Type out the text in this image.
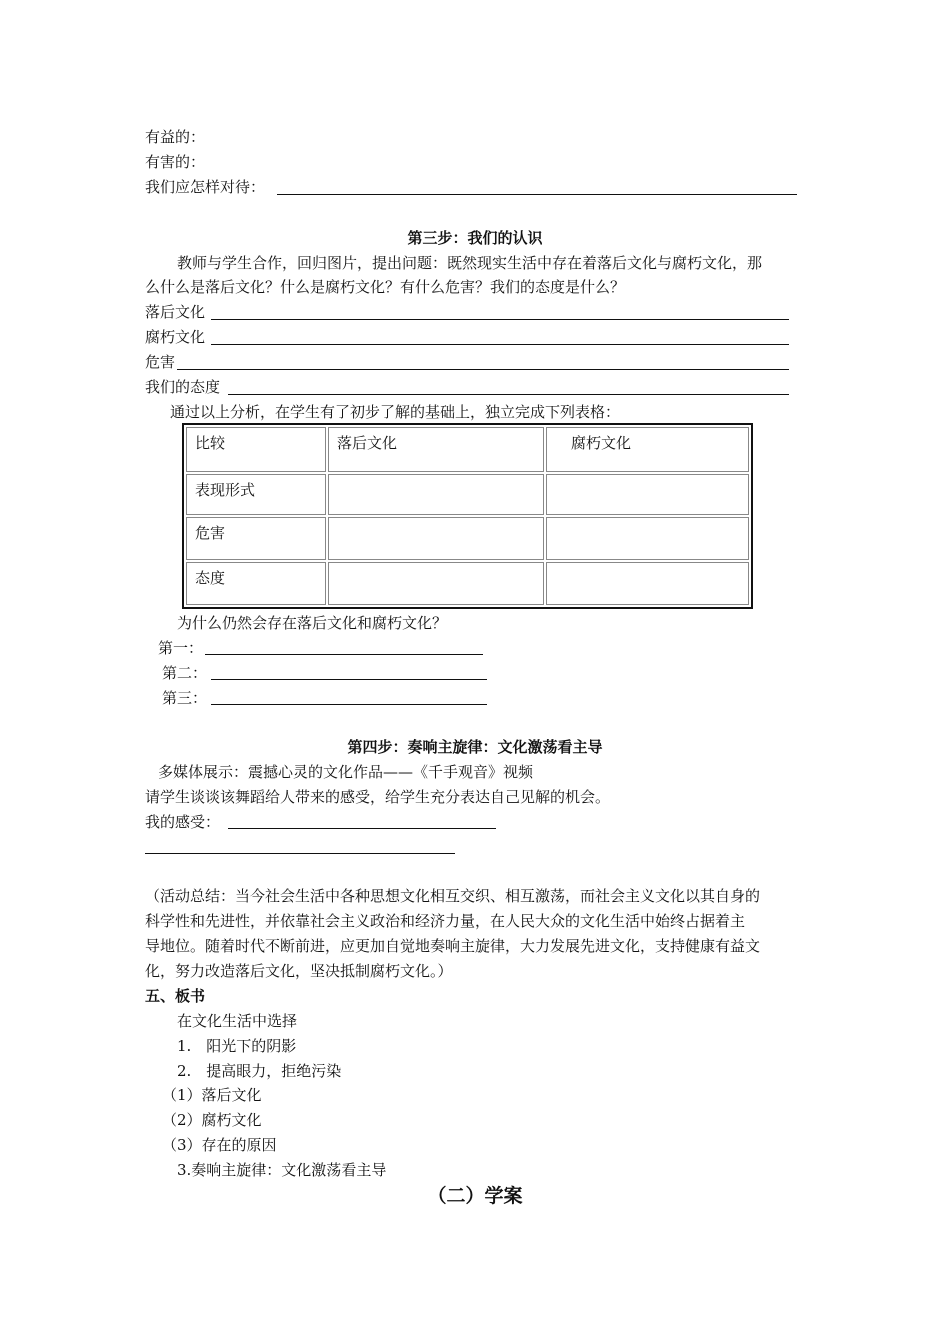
有益的：
有害的：
我们应怎样对待：
第三步：我们的认识
教师与学生合作，回归图片，提出问题：既然现实生活中存在着落后文化与腐朽文化，那
么什么是落后文化？什么是腐朽文化？有什么危害？我们的态度是什么？
落后文化
腐朽文化
危害
我们的态度
通过以上分析，在学生有了初步了解的基础上，独立完成下列表格：
比较	落后文化	腐朽文化
表现形式		
危害		
态度		
为什么仍然会存在落后文化和腐朽文化？
第一：
第二：
第三：
第四步：奏响主旋律：文化激荡看主导
多媒体展示：震撼心灵的文化作品——《千手观音》视频
请学生谈谈该舞蹈给人带来的感受，给学生充分表达自己见解的机会。
我的感受：
（活动总结：当今社会生活中各种思想文化相互交织、相互激荡，而社会主义文化以其自身的
科学性和先进性，并依靠社会主义政治和经济力量，在人民大众的文化生活中始终占据着主
导地位。随着时代不断前进，应更加自觉地奏响主旋律，大力发展先进文化，支持健康有益文
化，努力改造落后文化，坚决抵制腐朽文化。）
五、板书
在文化生活中选择
1.　阳光下的阴影
2.　提高眼力，拒绝污染
（1）落后文化
（2）腐朽文化
（3）存在的原因
3.奏响主旋律：文化激荡看主导
（二）学案
